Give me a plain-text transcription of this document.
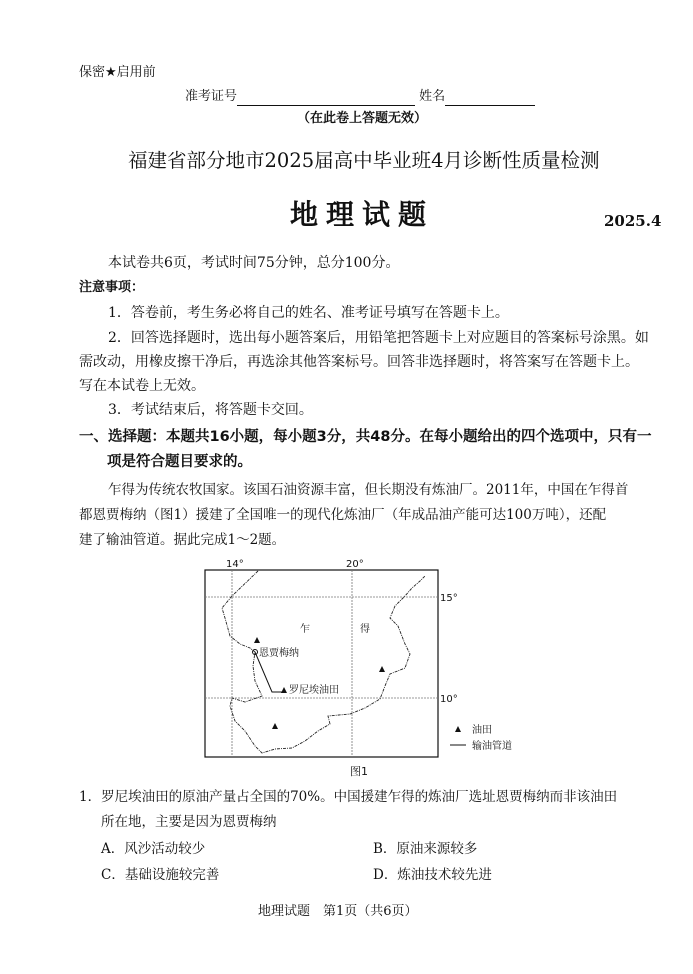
保密★启用前
准考证号	姓名
（在此卷上答题无效）
福建省部分地市2025届高中毕业班4月诊断性质量检测
地理试题	2025.4
本试卷共6页，考试时间75分钟，总分100分。
注意事项：
1．答卷前，考生务必将自己的姓名、准考证号填写在答题卡上。
2．回答选择题时，选出每小题答案后，用铅笔把答题卡上对应题目的答案标号涂黑。如
需改动，用橡皮擦干净后，再选涂其他答案标号。回答非选择题时，将答案写在答题卡上。
写在本试卷上无效。
3．考试结束后，将答题卡交回。
一、选择题：本题共16小题，每小题3分，共48分。在每小题给出的四个选项中，只有一
项是符合题目要求的。
乍得为传统农牧国家。该国石油资源丰富，但长期没有炼油厂。2011年，中国在乍得首
都恩贾梅纳（图1）援建了全国唯一的现代化炼油厂（年成品油产能可达100万吨），还配
建了输油管道。据此完成1～2题。
14°	20°
15°
10°
乍	得
恩贾梅纳
罗尼埃油田
油田
输油管道
图1
1．罗尼埃油田的原油产量占全国的70%。中国援建乍得的炼油厂选址恩贾梅纳而非该油田
所在地，主要是因为恩贾梅纳
A．风沙活动较少	B．原油来源较多
C．基础设施较完善	D．炼油技术较先进
地理试题　第1页（共6页）
